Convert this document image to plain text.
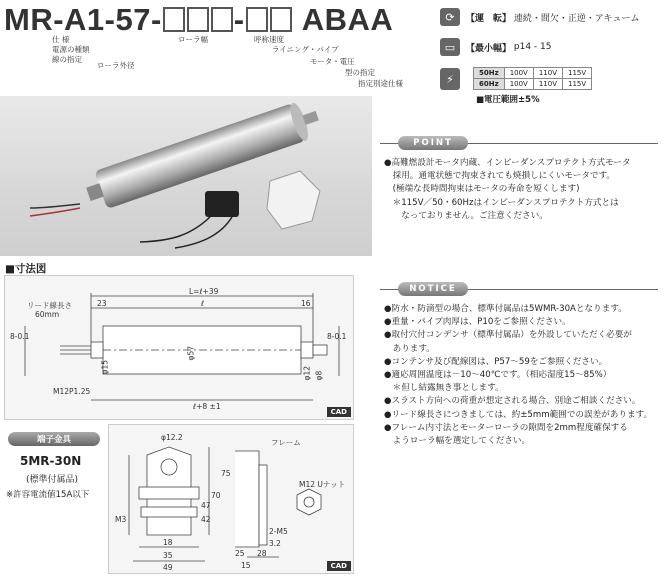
MR-A1-57- - ABAA
仕 様
電源の種類
線の指定
ローラ外径
ローラ幅	呼称速度
ライニング・パイプ
モータ・電圧
型の指定
指定別途仕様
⟳	【運　転】
連続・間欠・正逆・アキューム
▭	【最小幅】
p14 - 15
⚡	50Hz	100V	110V	115V
60Hz	100V	110V	115V
■電圧範囲±5%
POINT

●高難燃設計モータ内蔵、インピーダンスプロテクト方式モータ

　採用。通電状態で拘束されても焼損しにくいモータです。

　(極端な長時間拘束はモータの寿命を短くします)

　＊115V／50・60Hzはインピーダンスプロテクト方式とは

　　なっておりません。ご注意ください。

NOTICE

●防水・防滴型の場合、標準付属品は5WMR-30Aとなります。

●重量・パイプ肉厚は、P10をご参照ください。

●取付穴付コンデンサ（標準付属品）を外設していただく必要が

　あります。

●コンテンサ及び配線図は、P57～59をご参照ください。

●適応周囲温度は－10～40℃です。（相応湿度15～85%）

　＊但し結露無き事とします。

●スラスト方向への荷重が想定される場合、別途ご相談ください。

●リード線長さにつきましては、約±5mm範囲での誤差があります。

●フレーム内寸法とモーターローラの隙間を2mm程度確保する

　ようローラ幅を選定してください。

■寸法図
リード線長さ
60mm
L=ℓ+39
ℓ
23	16
8-0.1	8-0.1
φ15
φ57
φ12 φ8
M12P1.25
ℓ+8 ±1
CAD
端子金具
5MR-30N
(標準付属品)
※許容電流値15A以下
φ12.2
M3
75
70
47
42
18
35
49
フレーム
M12 Uナット
2-M5
3.2
28
25
15	CAD
